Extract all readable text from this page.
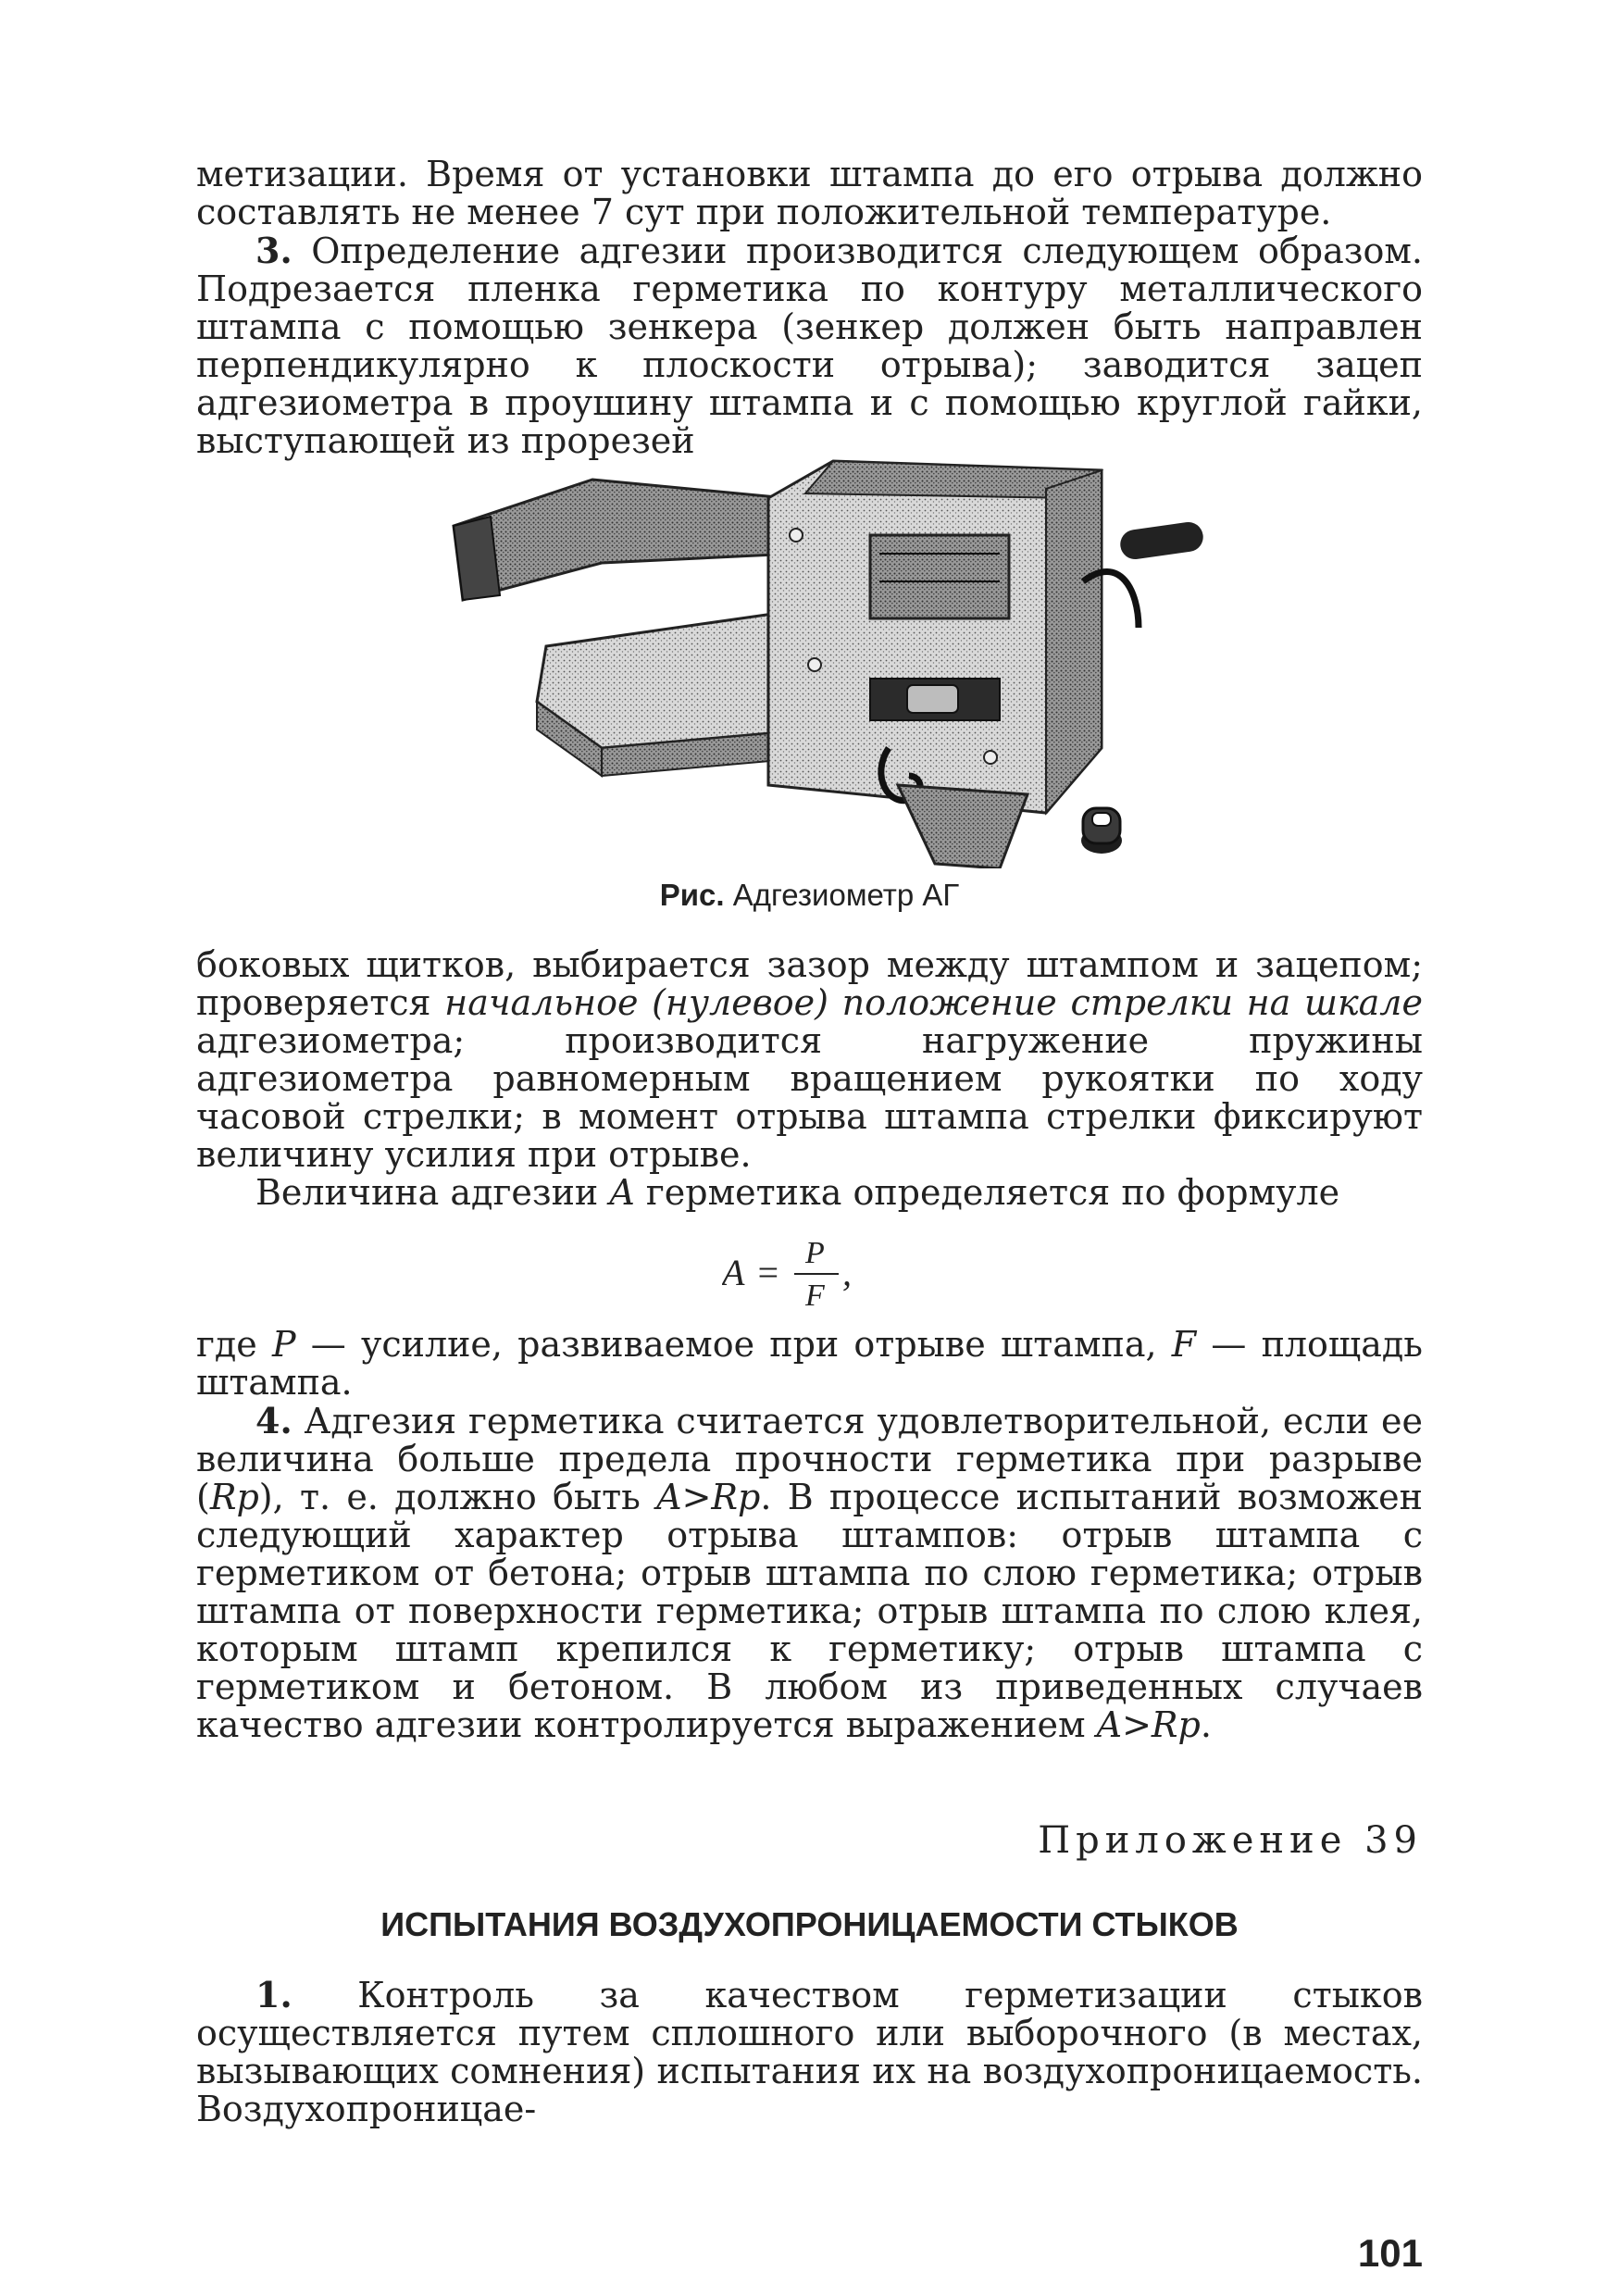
метизации. Время от установки штампа до его отрыва должно составлять не менее 7 сут при положительной температуре.

3. Определение адгезии производится следующем образом. Подрезается пленка герметика по контуру металлического штампа с помощью зенкера (зенкер должен быть направлен перпендикулярно к плоскости отрыва); заводится зацеп адгезиометра в проушину штампа и с помощью круглой гайки, выступающей из прорезей

Рис. Адгезиометр АГ

боковых щитков, выбирается зазор между штампом и зацепом; проверяется начальное (нулевое) положение стрелки на шкале адгезиометра; производится нагружение пружины адгезиометра равномерным вращением рукоятки по ходу часовой стрелки; в момент отрыва штампа стрелки фиксируют величину усилия при отрыве.

Величина адгезии A герметика определяется по формуле

A = P
F
,

где P — усилие, развиваемое при отрыве штампа, F — площадь штампа.

4. Адгезия герметика считается удовлетворительной, если ее величина больше предела прочности герметика при разрыве (Rр), т. е. должно быть A>Rр. В процессе испытаний возможен следующий характер отрыва штампов: отрыв штампа с герметиком от бетона; отрыв штампа по слою герметика; отрыв штампа от поверхности герметика; отрыв штампа по слою клея, которым штамп крепился к герметику; отрыв штампа с герметиком и бетоном. В любом из приведенных случаев качество адгезии контролируется выражением A>Rр.

Приложение 39
ИСПЫТАНИЯ ВОЗДУХОПРОНИЦАЕМОСТИ СТЫКОВ

1. Контроль за качеством герметизации стыков осуществляется путем сплошного или выборочного (в местах, вызывающих сомнения) испытания их на воздухопроницаемость. Воздухопроницае-

101
